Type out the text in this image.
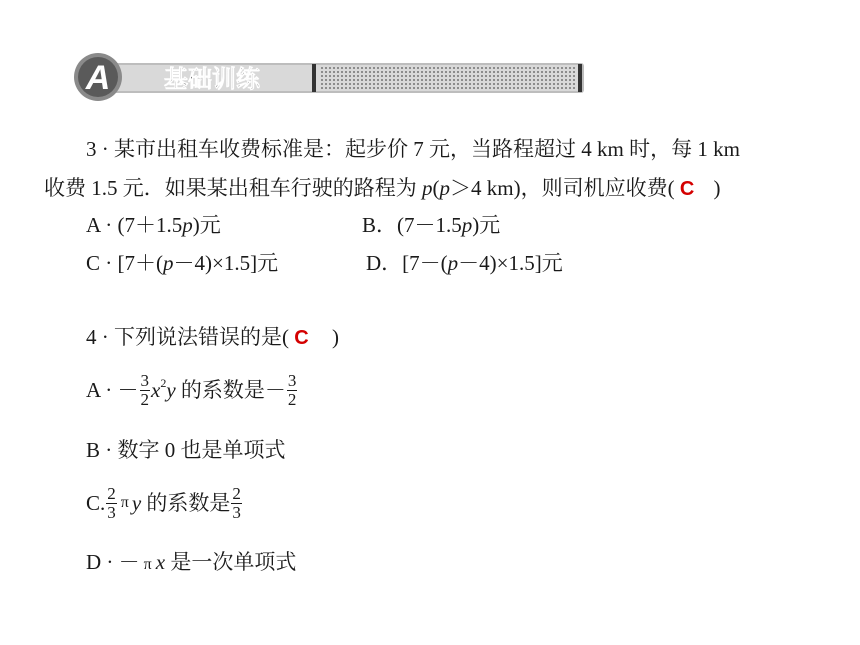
A 基础训练
3 · 某市出租车收费标准是：起步价 7 元，当路程超过 4 km 时，每 1 km
收费 1.5 元．如果某出租车行驶的路程为 p(p＞4 km)，则司机应收费( C )
A · (7＋1.5p)元	B．(7－1.5p)元
C · [7＋(p－4)×1.5]元	D．[7－(p－4)×1.5]元
4 · 下列说法错误的是( C )
A · － $\frac{3}{2} x^2y$ 的系数是－ $\frac{3}{2}$
B · 数字 0 也是单项式
C. $\frac{2}{3}$ π y 的系数是 $\frac{2}{3}$
D · － π x 是一次单项式
